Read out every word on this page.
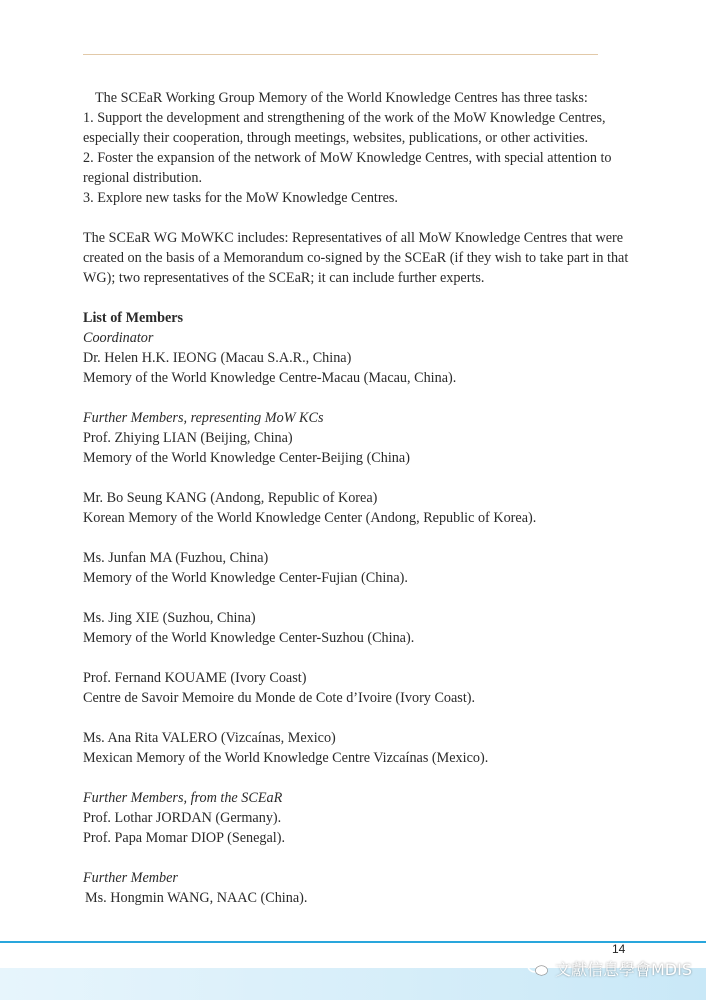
The SCEaR Working Group Memory of the World Knowledge Centres has three tasks:

1. Support the development and strengthening of the work of the MoW Knowledge Centres, especially their cooperation, through meetings, websites, publications, or other activities.

2. Foster the expansion of the network of MoW Knowledge Centres, with special attention to regional distribution.

3. Explore new tasks for the MoW Knowledge Centres.

The SCEaR WG MoWKC includes: Representatives of all MoW Knowledge Centres that were created on the basis of a Memorandum co-signed by the SCEaR (if they wish to take part in that WG); two representatives of the SCEaR; it can include further experts.

List of Members

Coordinator

Dr. Helen H.K. IEONG (Macau S.A.R., China)

Memory of the World Knowledge Centre-Macau (Macau, China).

Further Members, representing MoW KCs

Prof. Zhiying LIAN (Beijing, China)

Memory of the World Knowledge Center-Beijing (China)

Mr. Bo Seung KANG (Andong, Republic of Korea)

Korean Memory of the World Knowledge Center (Andong, Republic of Korea).

Ms. Junfan MA (Fuzhou, China)

Memory of the World Knowledge Center-Fujian (China).

Ms. Jing XIE (Suzhou, China)

Memory of the World Knowledge Center-Suzhou (China).

Prof. Fernand KOUAME (Ivory Coast)

Centre de Savoir Memoire du Monde de Cote d’Ivoire (Ivory Coast).

Ms. Ana Rita VALERO (Vizcaínas, Mexico)

Mexican Memory of the World Knowledge Centre Vizcaínas (Mexico).

Further Members, from the SCEaR

Prof. Lothar JORDAN (Germany).

Prof. Papa Momar DIOP (Senegal).

Further Member

Ms. Hongmin WANG, NAAC (China).

14
文獻信息學會MDIS
